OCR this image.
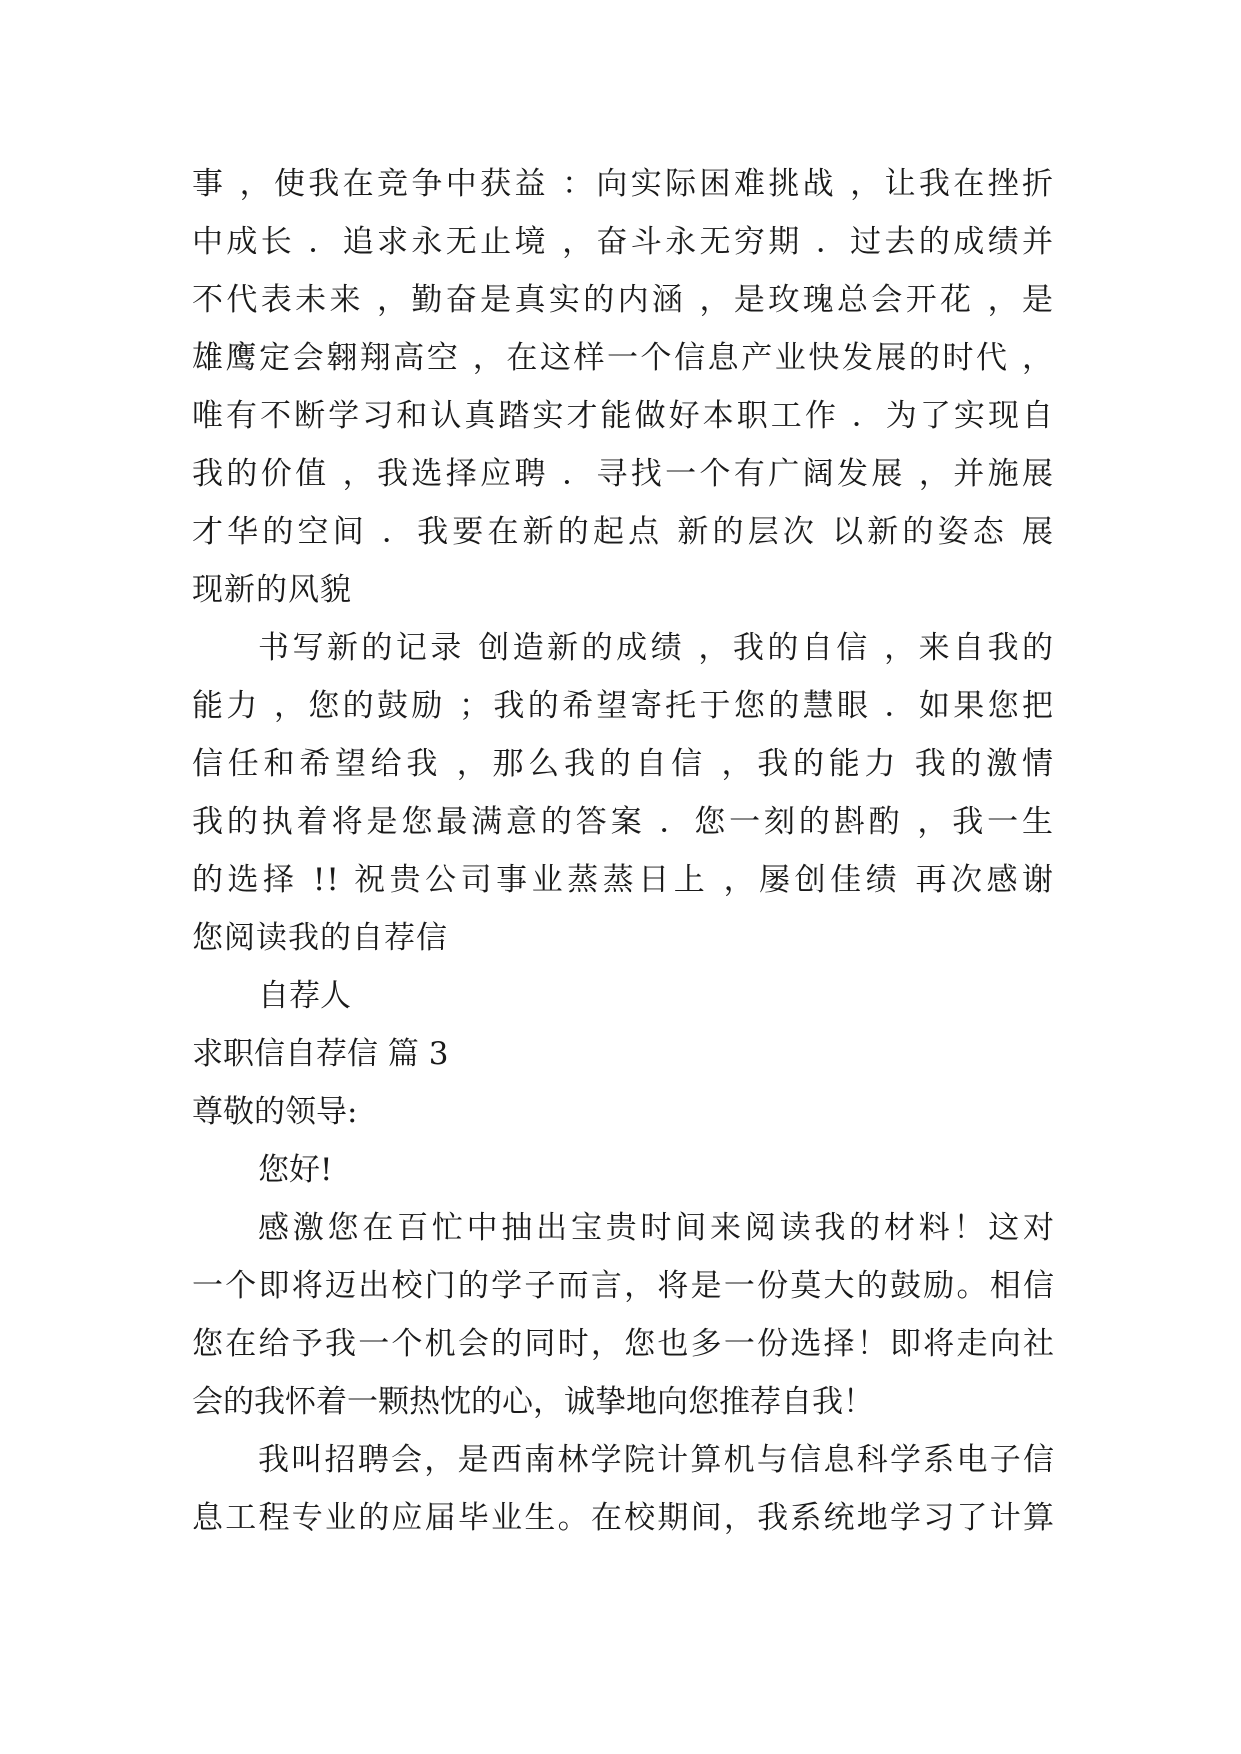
事 ，使我在竞争中获益 ：向实际困难挑战 ，让我在挫折
中成长 ．追求永无止境 ，奋斗永无穷期 ．过去的成绩并
不代表未来 ，勤奋是真实的内涵 ，是玫瑰总会开花 ，是
雄鹰定会翱翔高空 ，在这样一个信息产业快发展的时代 ，
唯有不断学习和认真踏实才能做好本职工作 ．为了实现自
我的价值 ，我选择应聘 ．寻找一个有广阔发展 ，并施展
才华的空间 ．我要在新的起点 新的层次 以新的姿态 展
现新的风貌
书写新的记录 创造新的成绩 ，我的自信 ，来自我的
能力 ，您的鼓励 ；我的希望寄托于您的慧眼 ．如果您把
信任和希望给我 ，那么我的自信 ，我的能力 我的激情
我的执着将是您最满意的答案 ．您一刻的斟酌 ，我一生
的选择 !! 祝贵公司事业蒸蒸日上 ，屡创佳绩 再次感谢
您阅读我的自荐信
自荐人
求职信自荐信 篇 3
尊敬的领导:
您好!
感激您在百忙中抽出宝贵时间来阅读我的材料！这对
一个即将迈出校门的学子而言，将是一份莫大的鼓励。相信
您在给予我一个机会的同时，您也多一份选择！即将走向社
会的我怀着一颗热忱的心，诚挚地向您推荐自我！
我叫招聘会，是西南林学院计算机与信息科学系电子信
息工程专业的应届毕业生。在校期间，我系统地学习了计算
